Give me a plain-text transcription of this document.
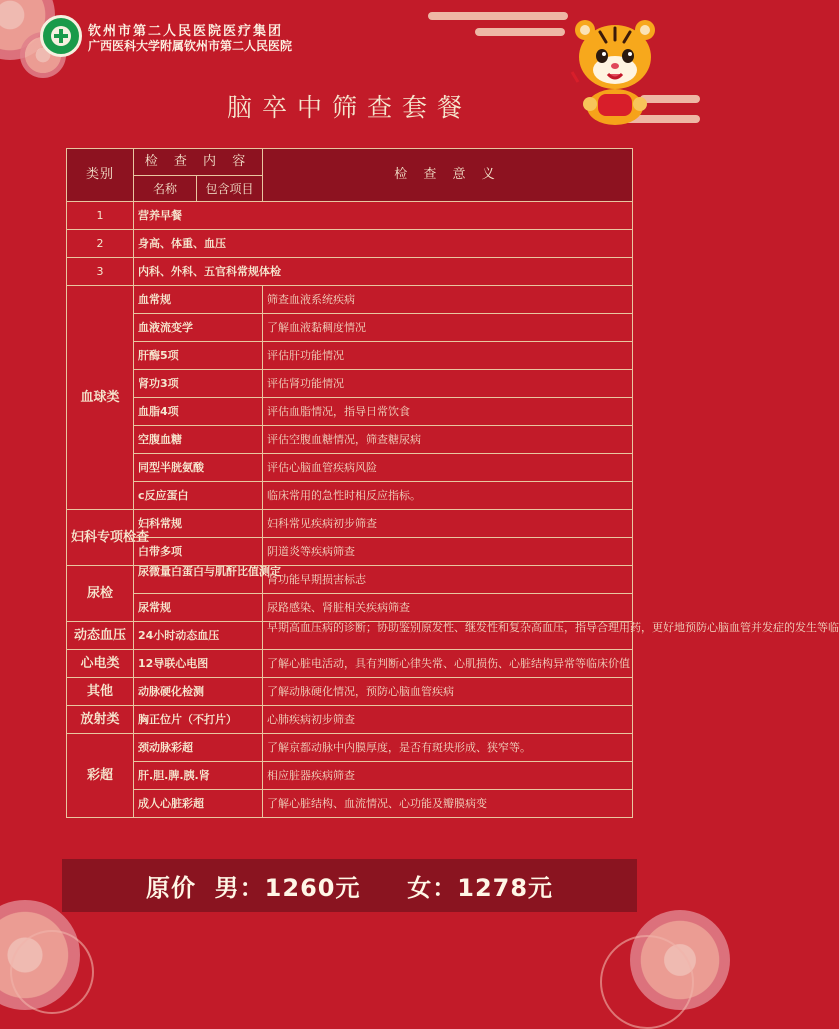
钦州市第二人民医院医疗集团
广西医科大学附属钦州市第二人民医院
脑卒中筛查套餐
类别	检 查 内 容		检 查 意 义
	名称	包含项目	
1	营养早餐		
2	身高、体重、血压		
3	内科、外科、五官科常规体检		
血球类	血常规		筛查血液系统疾病
	血液流变学		了解血液黏稠度情况
	肝酶5项		评估肝功能情况
	肾功3项		评估肾功能情况
	血脂4项		评估血脂情况，指导日常饮食
	空腹血糖		评估空腹血糖情况，筛查糖尿病
	同型半胱氨酸		评估心脑血管疾病风险
	c反应蛋白		临床常用的急性时相反应指标。
妇科专项检查	妇科常规		妇科常见疾病初步筛查
	白带多项		阴道炎等疾病筛查
尿检	尿微量白蛋白与肌酐比值测定		肾功能早期损害标志
	尿常规		尿路感染、肾脏相关疾病筛查
动态血压	24小时动态血压		早期高血压病的诊断；协助鉴别原发性、继发性和复杂高血压，指导合理用药，更好地预防心脑血管并发症的发生等临
心电类	12导联心电图		了解心脏电活动，具有判断心律失常、心肌损伤、心脏结构异常等临床价值
其他	动脉硬化检测		了解动脉硬化情况，预防心脑血管疾病
放射类	胸正位片（不打片）		心肺疾病初步筛查
彩超	颈动脉彩超		了解京都动脉中内膜厚度，是否有斑块形成、狭窄等。
	肝.胆.脾.胰.肾		相应脏器疾病筛查
	成人心脏彩超		了解心脏结构、血流情况、心功能及瓣膜病变
原价
男：1260元
女：1278元
